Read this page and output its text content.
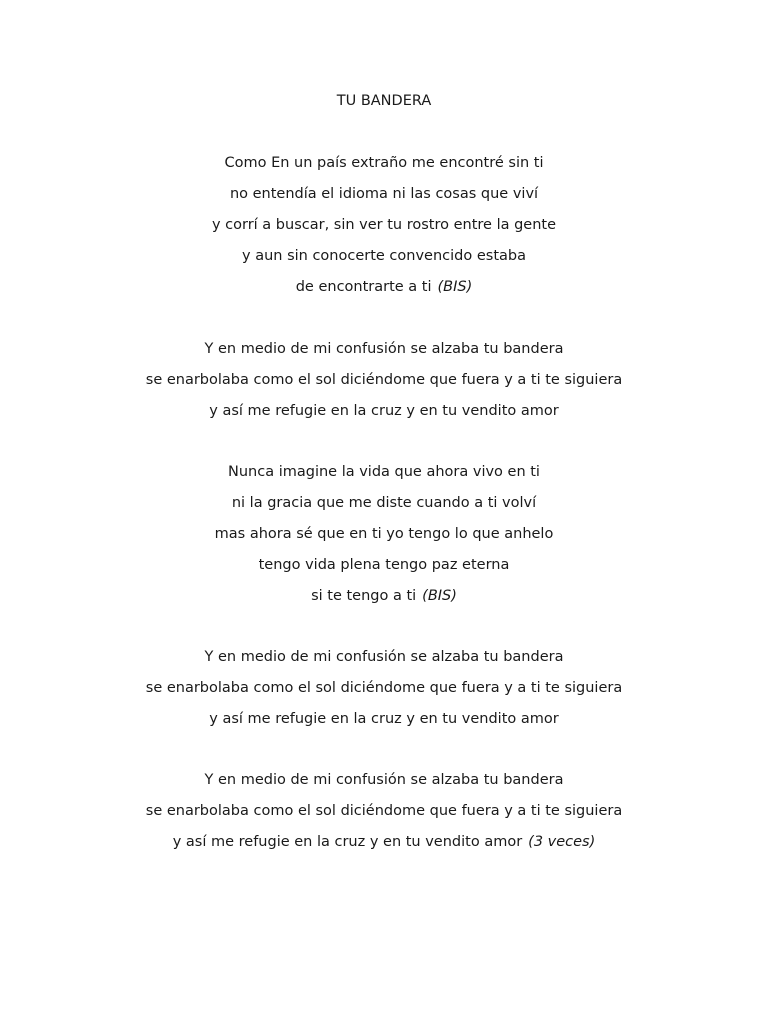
TU BANDERA
Como En un país extraño me encontré sin ti
no entendía el idioma ni las cosas que viví
y corrí a buscar, sin ver tu rostro entre la gente
y aun sin conocerte convencido estaba
de encontrarte a ti (BIS)
Y en medio de mi confusión se alzaba tu bandera
se enarbolaba como el sol diciéndome que fuera y a ti te siguiera
y así me refugie en la cruz y en tu vendito amor
Nunca imagine la vida que ahora vivo en ti
ni la gracia que me diste cuando a ti volví
mas ahora sé que en ti yo tengo lo que anhelo
tengo vida plena tengo paz eterna
si te tengo a ti (BIS)
Y en medio de mi confusión se alzaba tu bandera
se enarbolaba como el sol diciéndome que fuera y a ti te siguiera
y así me refugie en la cruz y en tu vendito amor
Y en medio de mi confusión se alzaba tu bandera
se enarbolaba como el sol diciéndome que fuera y a ti te siguiera
y así me refugie en la cruz y en tu vendito amor (3 veces)
